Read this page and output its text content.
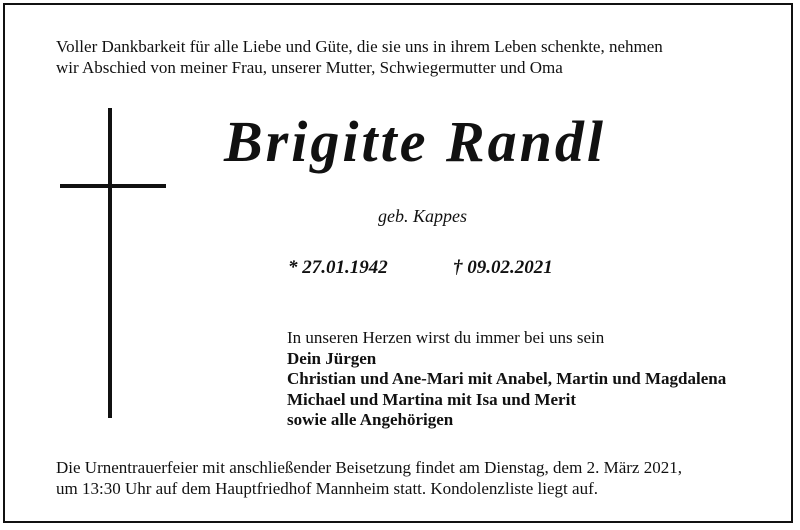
Voller Dankbarkeit für alle Liebe und Güte, die sie uns in ihrem Leben schenkte, nehmen
wir Abschied von meiner Frau, unserer Mutter, Schwiegermutter und Oma

Brigitte Randl

geb. Kappes

* 27.01.1942	† 09.02.2021

In unseren Herzen wirst du immer bei uns sein
Dein Jürgen
Christian und Ane-Mari mit Anabel, Martin und Magdalena
Michael und Martina mit Isa und Merit
sowie alle Angehörigen

Die Urnentrauerfeier mit anschließender Beisetzung findet am Dienstag, dem 2. März 2021,
um 13:30 Uhr auf dem Hauptfriedhof Mannheim statt. Kondolenzliste liegt auf.
